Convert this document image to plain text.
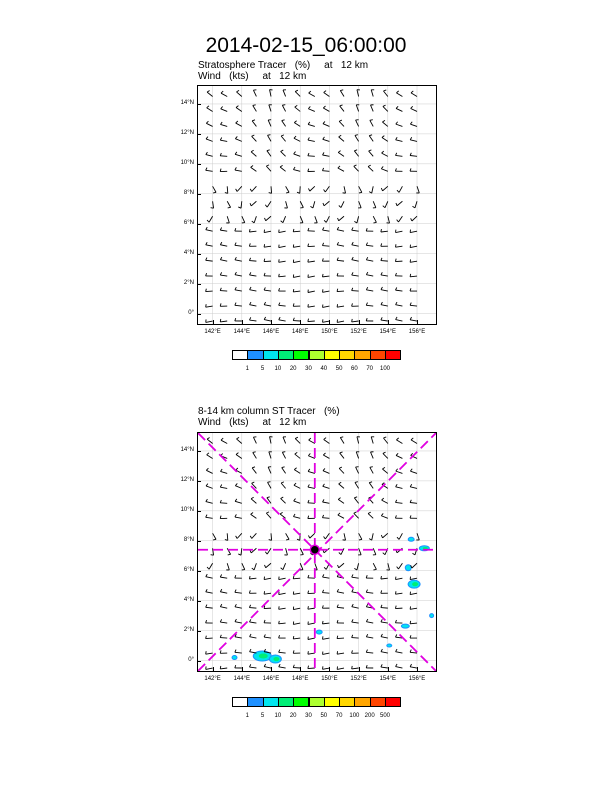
2014-02-15_06:00:00
Stratosphere Tracer   (%)     at   12 km
Wind   (kts)     at   12 km
0°
2°N
4°N
6°N
8°N
10°N
12°N
14°N
142°E	144°E	146°E	148°E	150°E	152°E	154°E	156°E
1	5	10	20	30	40	50	60	70	100
8-14 km column ST Tracer   (%)
Wind   (kts)     at   12 km
0°
2°N
4°N
6°N
8°N
10°N
12°N
14°N
142°E	144°E	146°E	148°E	150°E	152°E	154°E	156°E
1	5	10	20	30	50	70	100 200 500
